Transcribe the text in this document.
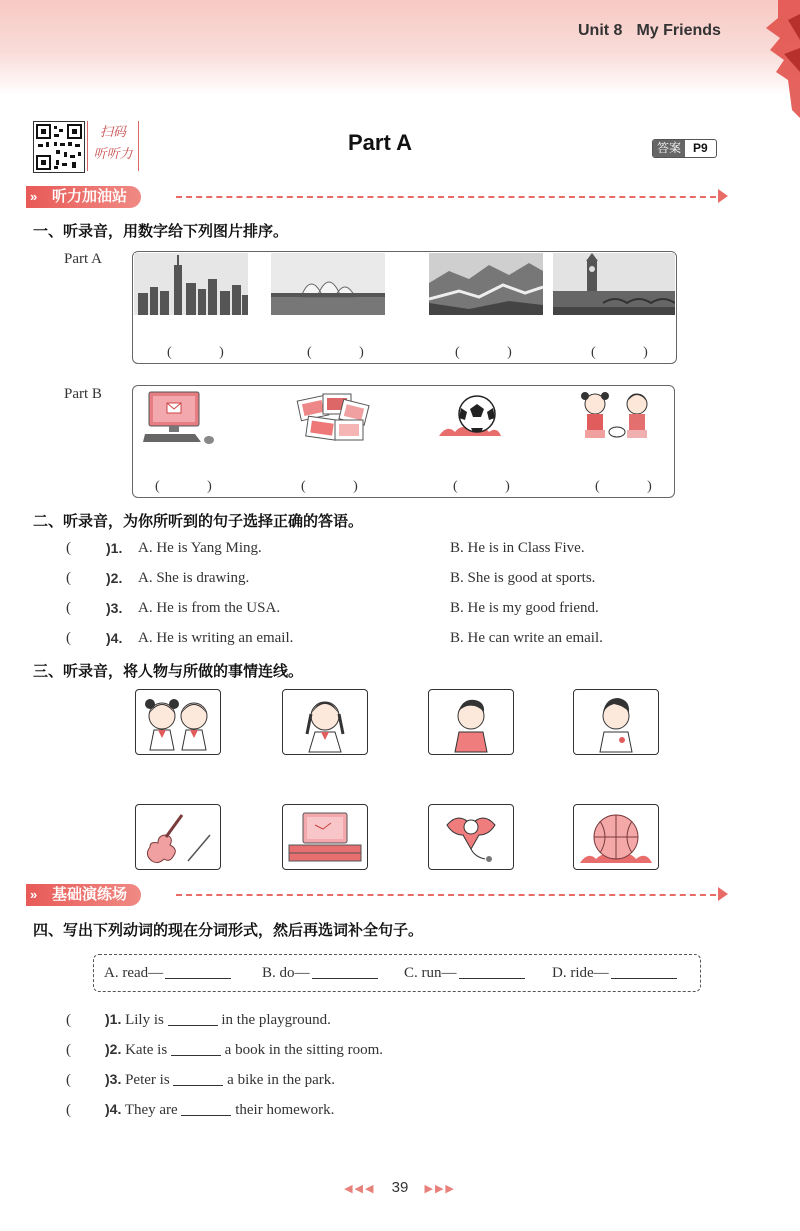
Unit 8 My Friends
扫码
听听力	Part A	答案	P9
» 听力加油站
一、听录音，用数字给下列图片排序。
Part A
( )	( )	( )	( )
Part B
( )	( )	( )	( )
二、听录音，为你所听到的句子选择正确的答语。
(	)1. A. He is Yang Ming.	B. He is in Class Five.
(	)2. A. She is drawing.	B. She is good at sports.
(	)3. A. He is from the USA.	B. He is my good friend.
(	)4. A. He is writing an email.	B. He can write an email.
三、听录音，将人物与所做的事情连线。
» 基础演练场
四、写出下列动词的现在分词形式，然后再选词补全句子。
A. read—	B. do—	C. run—	D. ride—
( )1. Lily is	in the playground.
( )2. Kate is	a book in the sitting room.
( )3. Peter is	a bike in the park.
( )4. They are	their homework.
◀◀◀ 39 ▶▶▶
